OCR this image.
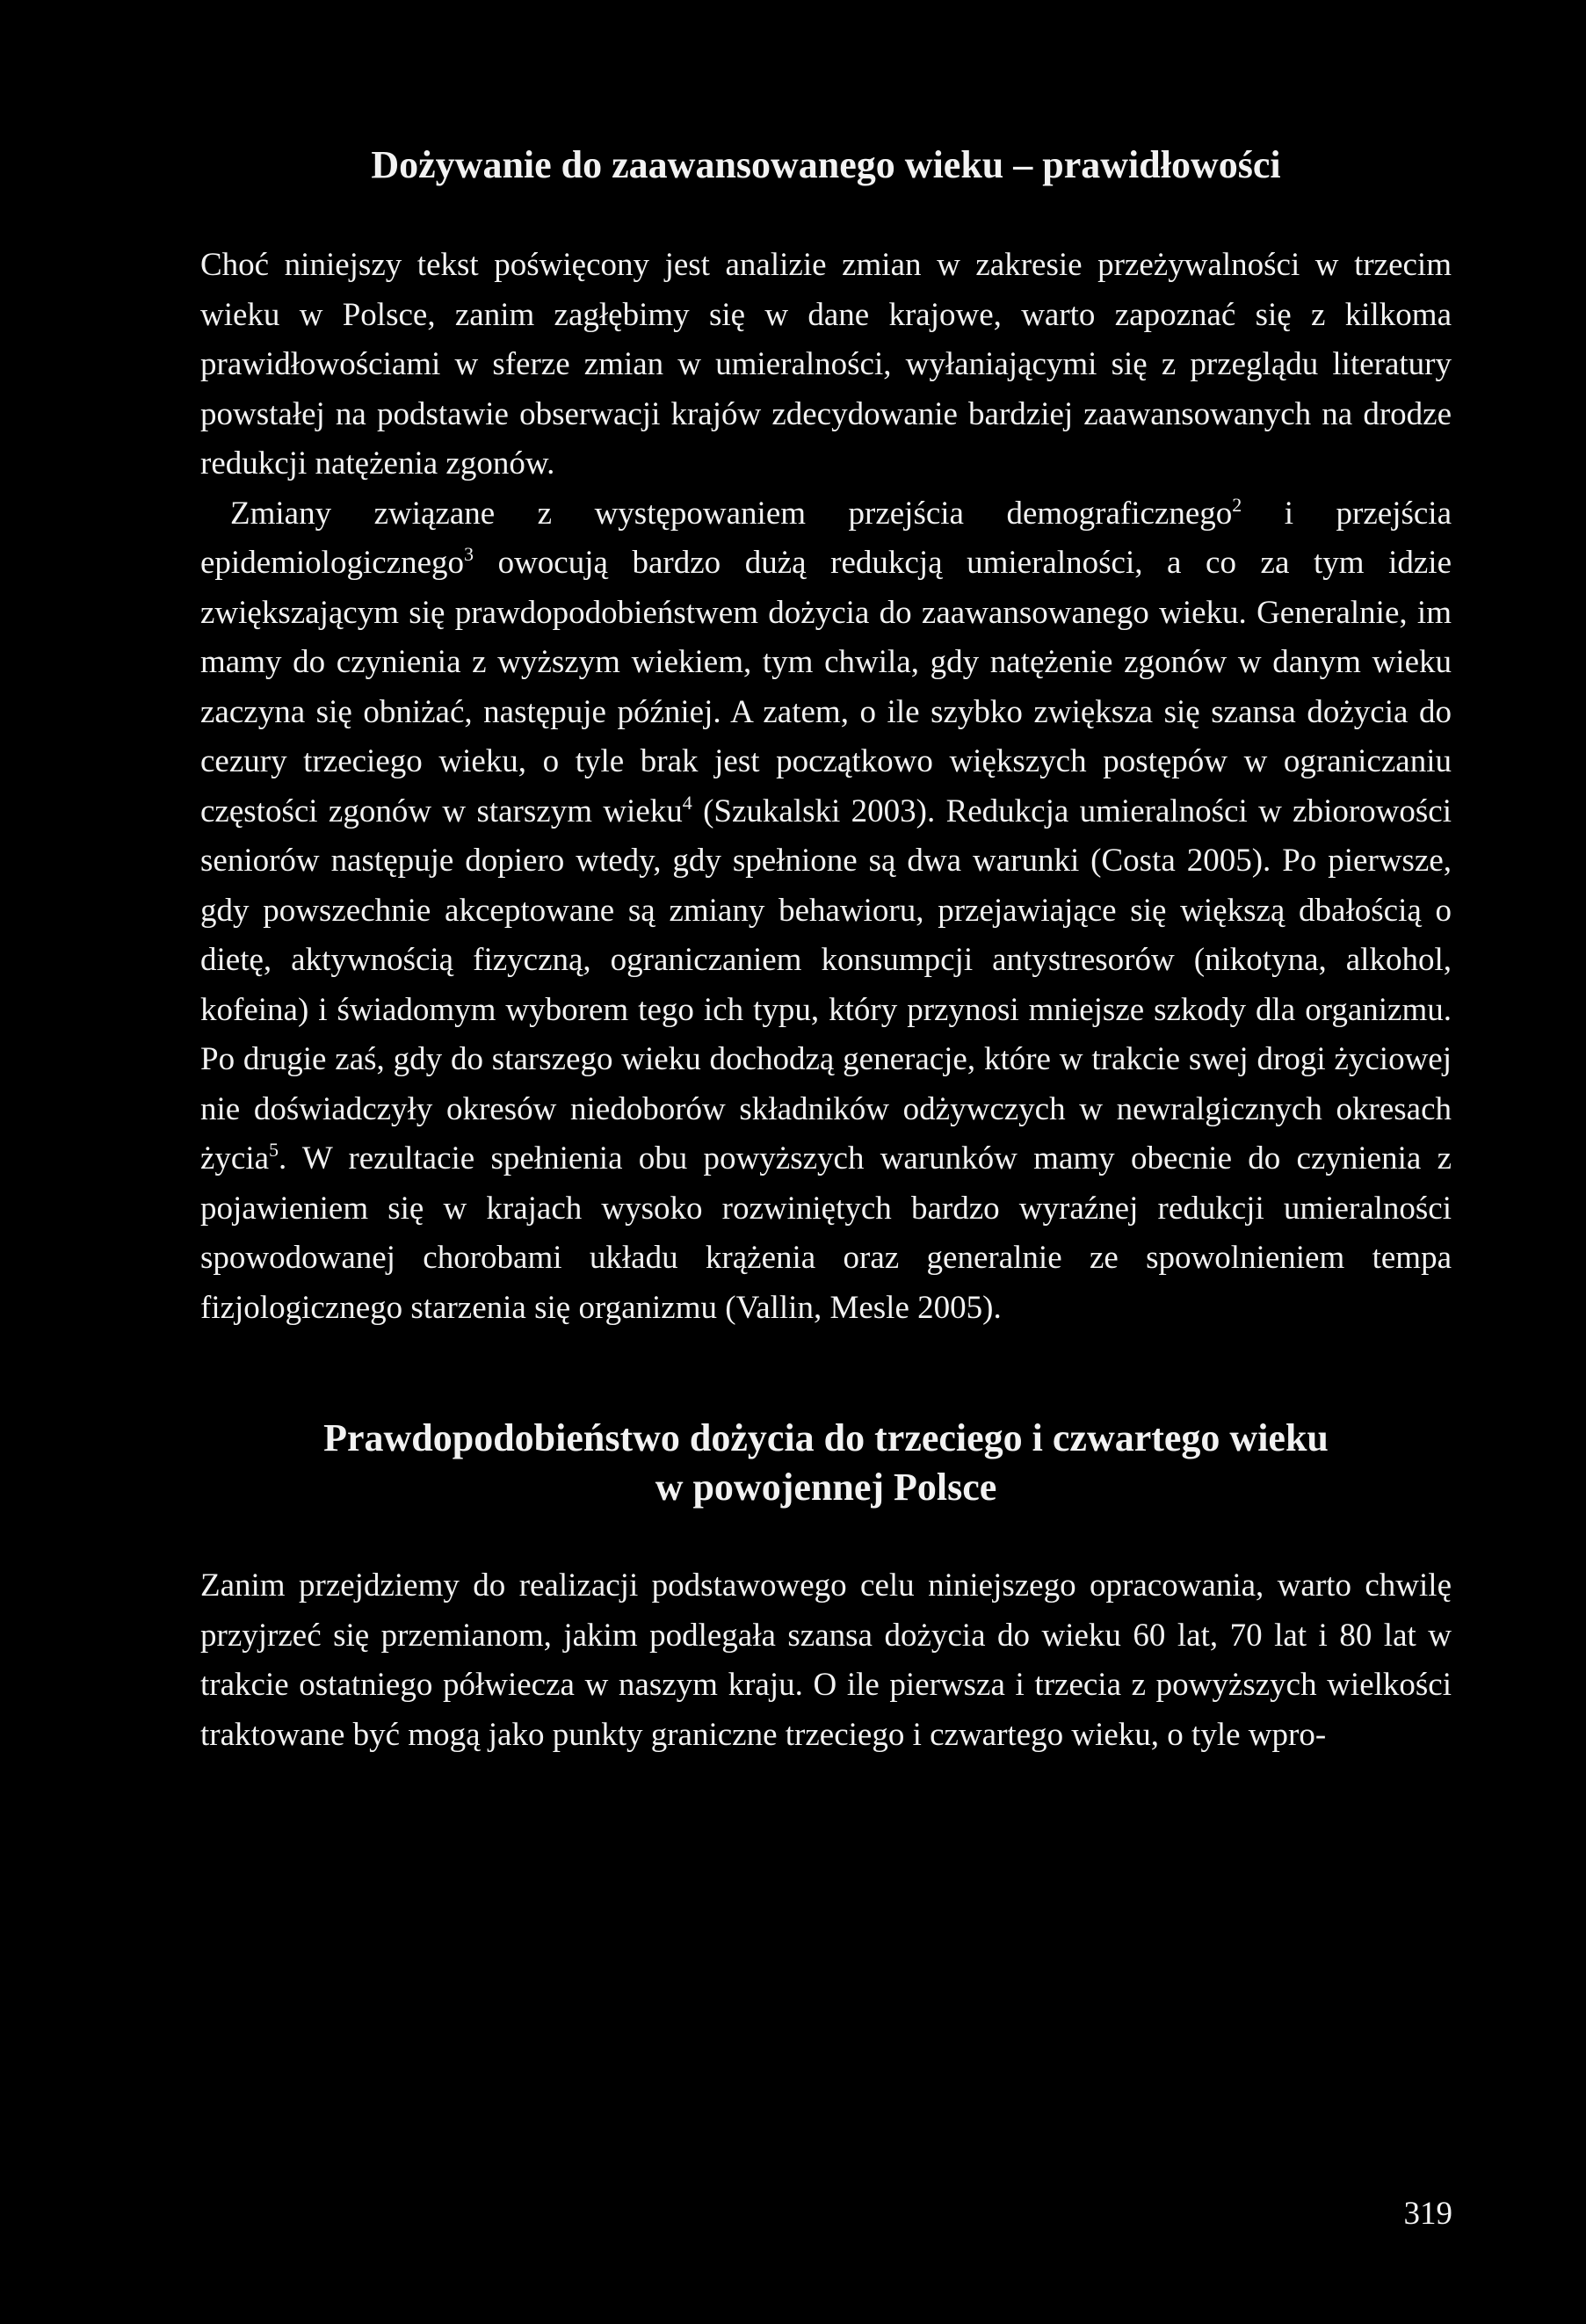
Dożywanie do zaawansowanego wieku – prawidłowości

Choć niniejszy tekst poświęcony jest analizie zmian w zakresie przeżywalności w trzecim wieku w Polsce, zanim zagłębimy się w dane krajowe, warto zapoznać się z kilkoma prawidłowościami w sferze zmian w umieralności, wyłaniającymi się z przeglądu literatury powstałej na podstawie obserwacji krajów zdecydowanie bardziej zaawansowanych na drodze redukcji natężenia zgonów.

Zmiany związane z występowaniem przejścia demograficznego$^2$ i przejścia epidemiologicznego$^3$ owocują bardzo dużą redukcją umieralności, a co za tym idzie zwiększającym się prawdopodobieństwem dożycia do zaawansowanego wieku. Generalnie, im mamy do czynienia z wyższym wiekiem, tym chwila, gdy natężenie zgonów w danym wieku zaczyna się obniżać, następuje później. A zatem, o ile szybko zwiększa się szansa dożycia do cezury trzeciego wieku, o tyle brak jest początkowo większych postępów w ograniczaniu częstości zgonów w starszym wieku$^4$ (Szukalski 2003). Redukcja umieralności w zbiorowości seniorów następuje dopiero wtedy, gdy spełnione są dwa warunki (Costa 2005). Po pierwsze, gdy powszechnie akceptowane są zmiany behawioru, przejawiające się większą dbałością o dietę, aktywnością fizyczną, ograniczaniem konsumpcji antystresorów (nikotyna, alkohol, kofeina) i świadomym wyborem tego ich typu, który przynosi mniejsze szkody dla organizmu. Po drugie zaś, gdy do starszego wieku dochodzą generacje, które w trakcie swej drogi życiowej nie doświadczyły okresów niedoborów składników odżywczych w newralgicznych okresach życia$^5$. W rezultacie spełnienia obu powyższych warunków mamy obecnie do czynienia z pojawieniem się w krajach wysoko rozwiniętych bardzo wyraźnej redukcji umieralności spowodowanej chorobami układu krążenia oraz generalnie ze spowolnieniem tempa fizjologicznego starzenia się organizmu (Vallin, Mesle 2005).

Prawdopodobieństwo dożycia do trzeciego i czwartego wieku
w powojennej Polsce

Zanim przejdziemy do realizacji podstawowego celu niniejszego opracowania, warto chwilę przyjrzeć się przemianom, jakim podlegała szansa dożycia do wieku 60 lat, 70 lat i 80 lat w trakcie ostatniego półwiecza w naszym kraju. O ile pierwsza i trzecia z powyższych wielkości traktowane być mogą jako punkty graniczne trzeciego i czwartego wieku, o tyle wpro-

319
